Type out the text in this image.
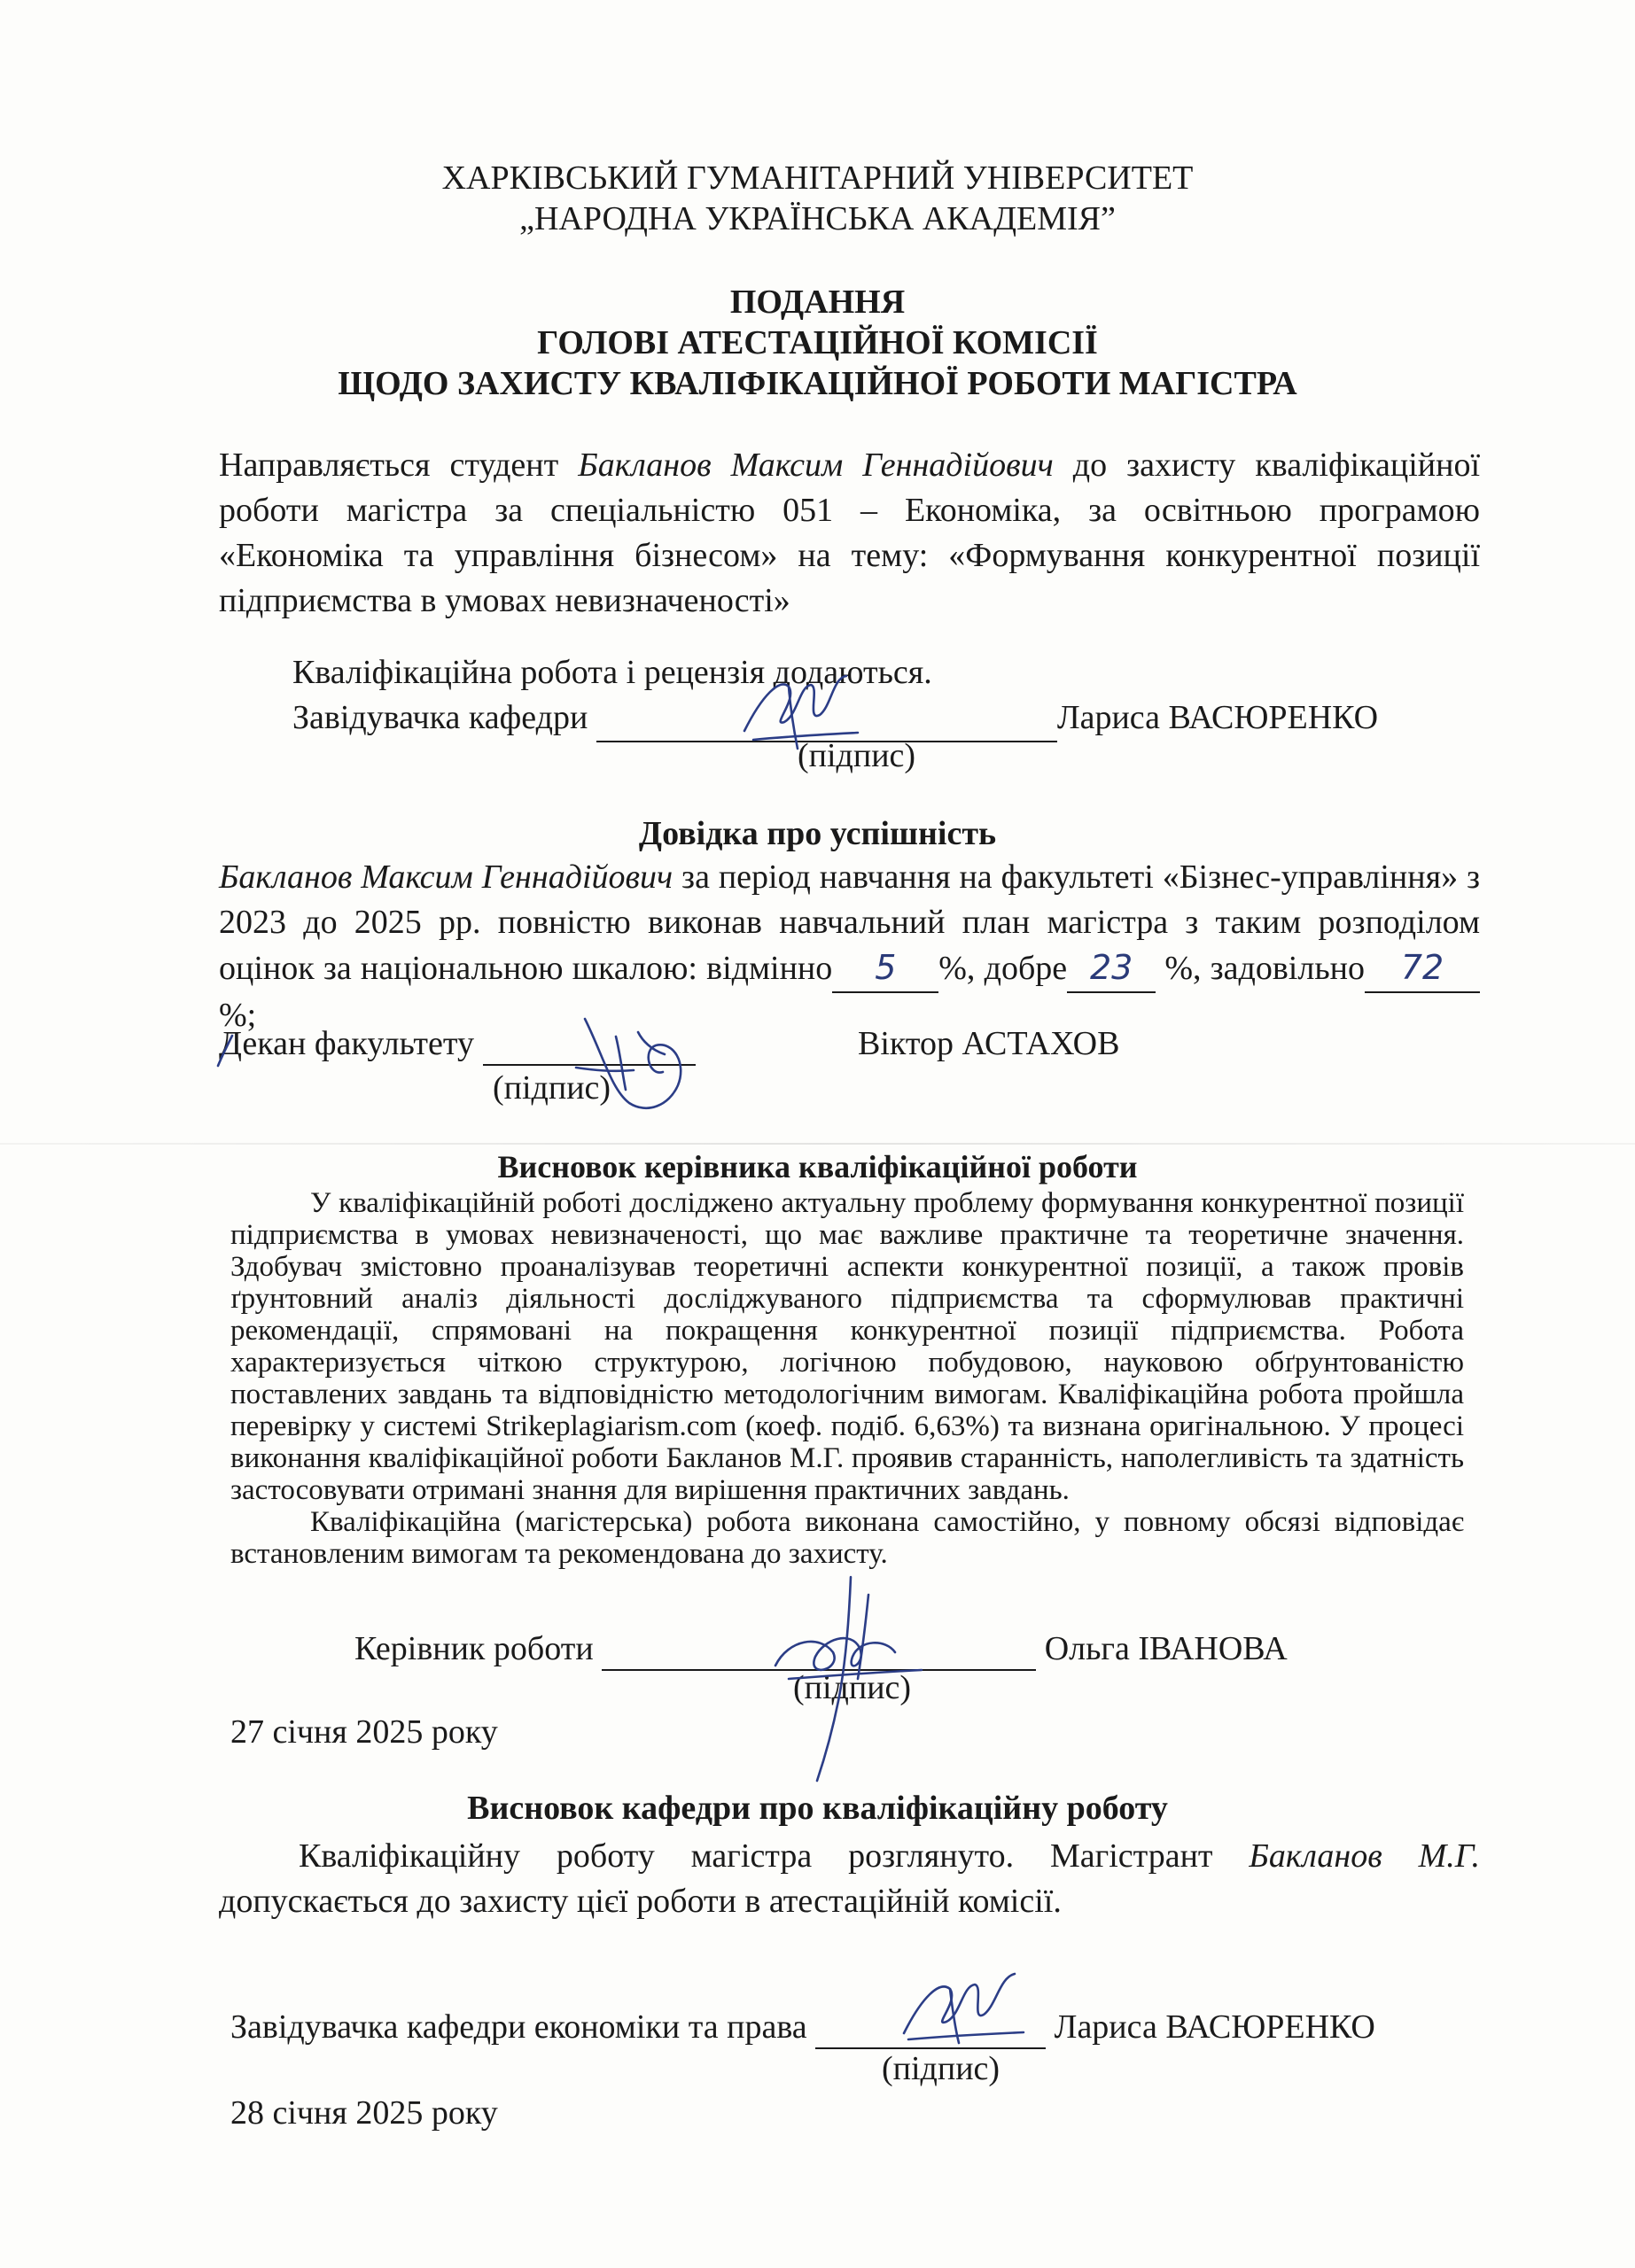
ХАРКІВСЬКИЙ ГУМАНІТАРНИЙ УНІВЕРСИТЕТ
„НАРОДНА УКРАЇНСЬКА АКАДЕМІЯ”
ПОДАННЯ
ГОЛОВІ АТЕСТАЦІЙНОЇ КОМІСІЇ
ЩОДО ЗАХИСТУ КВАЛІФІКАЦІЙНОЇ РОБОТИ МАГІСТРА

Направляється студент Бакланов Максим Геннадійович до захисту кваліфікаційної роботи магістра за спеціальністю 051 – Економіка, за освітньою програмою «Економіка та управління бізнесом» на тему: «Формування конкурентної позиції підприємства в умовах невизначеності»

Кваліфікаційна робота і рецензія додаються.
Завідувачка кафедри	Лариса ВАСЮРЕНКО
(підпис)
Довідка про успішність

Бакланов Максим Геннадійович за період навчання на факультеті «Бізнес-управління» з 2023 до 2025 рр. повністю виконав навчальний план магістра з таким розподілом оцінок за національною шкалою: відмінно 5 %, добре 23 %, задовільно 72%;

Декан факультету	Віктор АСТАХОВ
(підпис)
Висновок керівника кваліфікаційної роботи

У кваліфікаційній роботі досліджено актуальну проблему формування конкурентної позиції підприємства в умовах невизначеності, що має важливе практичне та теоретичне значення. Здобувач змістовно проаналізував теоретичні аспекти конкурентної позиції, а також провів ґрунтовний аналіз діяльності досліджуваного підприємства та сформулював практичні рекомендації, спрямовані на покращення конкурентної позиції підприємства. Робота характеризується чіткою структурою, логічною побудовою, науковою обґрунтованістю поставлених завдань та відповідністю методологічним вимогам. Кваліфікаційна робота пройшла перевірку у системі Strikeplagiarism.com (коеф. подіб. 6,63%) та визнана оригінальною. У процесі виконання кваліфікаційної роботи Бакланов М.Г. проявив старанність, наполегливість та здатність застосовувати отримані знання для вирішення практичних завдань.

Кваліфікаційна (магістерська) робота виконана самостійно, у повному обсязі відповідає встановленим вимогам та рекомендована до захисту.

Керівник роботи	Ольга ІВАНОВА
(підпис)
27 січня 2025 року
Висновок кафедри про кваліфікаційну роботу

Кваліфікаційну роботу магістра розглянуто. Магістрант Бакланов М.Г. допускається до захисту цієї роботи в атестаційній комісії.

Завідувачка кафедри економіки та права	Лариса ВАСЮРЕНКО
(підпис)
28 січня 2025 року
